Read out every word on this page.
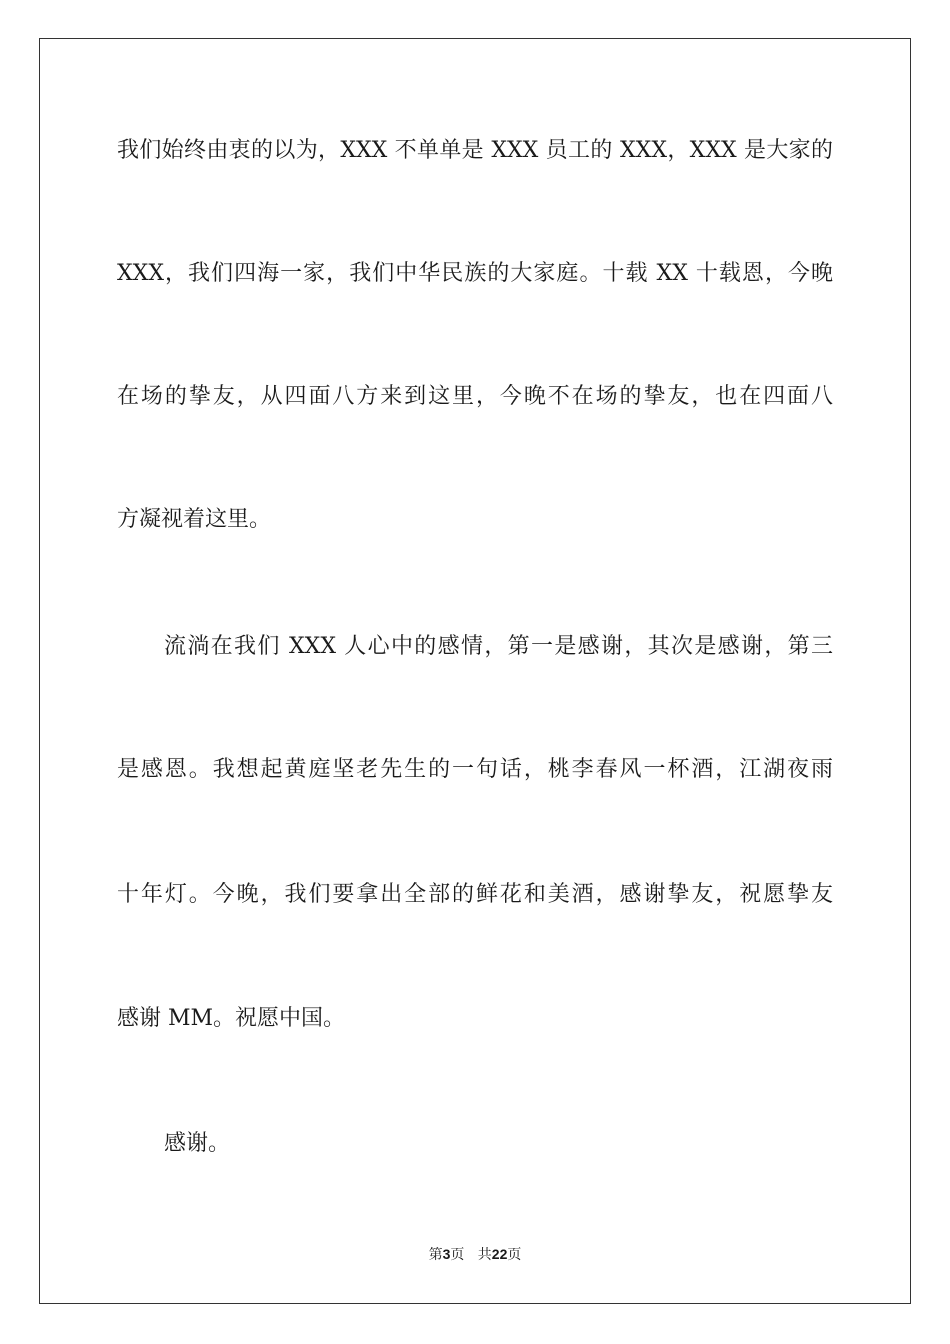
我们始终由衷的以为，XXX 不单单是 XXX 员工的 XXX，XXX 是大家的
XXX，我们四海一家，我们中华民族的大家庭。十载 XX 十载恩，今晚
在场的挚友，从四面八方来到这里，今晚不在场的挚友，也在四面八
方凝视着这里。
流淌在我们 XXX 人心中的感情，第一是感谢，其次是感谢，第三
是感恩。我想起黄庭坚老先生的一句话，桃李春风一杯酒，江湖夜雨
十年灯。今晚，我们要拿出全部的鲜花和美酒，感谢挚友，祝愿挚友
感谢 MM。祝愿中国。
感谢。
第3页 共22页
